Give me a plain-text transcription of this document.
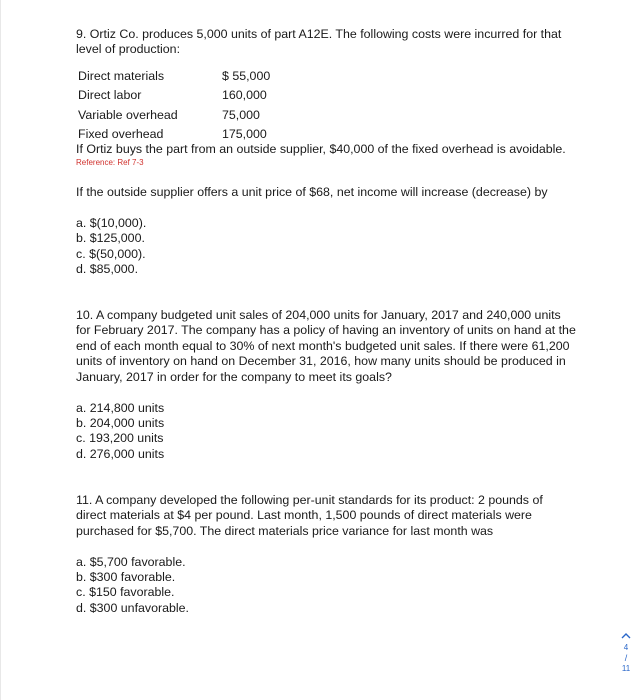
9. Ortiz Co. produces 5,000 units of part A12E. The following costs were incurred for that level of production:

Direct materials	$ 55,000
Direct labor	160,000
Variable overhead	75,000
Fixed overhead	175,000

If Ortiz buys the part from an outside supplier, $40,000 of the fixed overhead is avoidable.

Reference: Ref 7-3

If the outside supplier offers a unit price of $68, net income will increase (decrease) by

a. $(10,000).
b. $125,000.
c. $(50,000).
d. $85,000.

10. A company budgeted unit sales of 204,000 units for January, 2017 and 240,000 units for February 2017. The company has a policy of having an inventory of units on hand at the end of each month equal to 30% of next month's budgeted unit sales. If there were 61,200 units of inventory on hand on December 31, 2016, how many units should be produced in January, 2017 in order for the company to meet its goals?

a. 214,800 units
b. 204,000 units
c. 193,200 units
d. 276,000 units

11. A company developed the following per-unit standards for its product: 2 pounds of direct materials at $4 per pound. Last month, 1,500 pounds of direct materials were purchased for $5,700. The direct materials price variance for last month was

a. $5,700 favorable.
b. $300 favorable.
c. $150 favorable.
d. $300 unfavorable.
4
/
11
